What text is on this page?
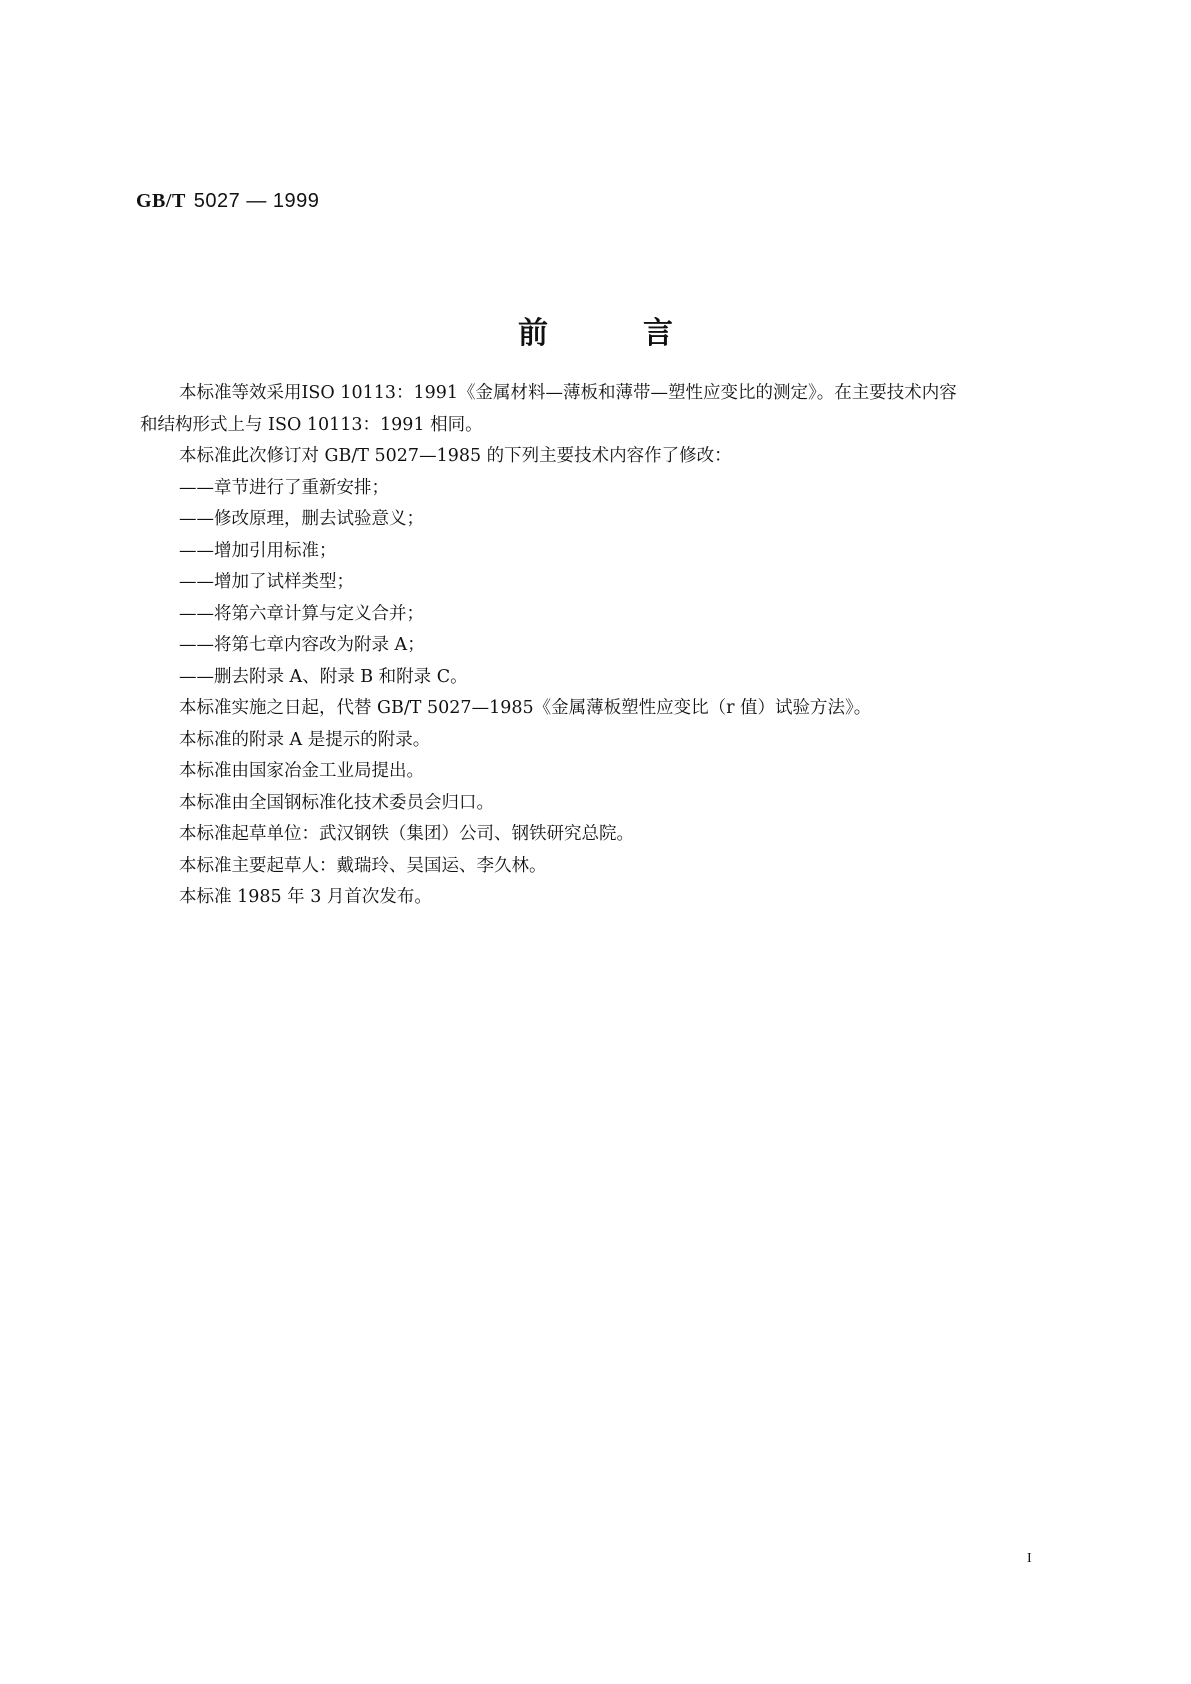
GB/T 5027 — 1999
前言
本标准等效采用ISO 10113：1991《金属材料—薄板和薄带—塑性应变比的测定》。在主要技术内容
和结构形式上与 ISO 10113：1991 相同。
本标准此次修订对 GB/T 5027—1985 的下列主要技术内容作了修改：
——章节进行了重新安排；
——修改原理，删去试验意义；
——增加引用标准；
——增加了试样类型；
——将第六章计算与定义合并；
——将第七章内容改为附录 A；
——删去附录 A、附录 B 和附录 C。
本标准实施之日起，代替 GB/T 5027—1985《金属薄板塑性应变比（r 值）试验方法》。
本标准的附录 A 是提示的附录。
本标准由国家冶金工业局提出。
本标准由全国钢标准化技术委员会归口。
本标准起草单位：武汉钢铁（集团）公司、钢铁研究总院。
本标准主要起草人：戴瑞玲、吴国运、李久林。
本标准 1985 年 3 月首次发布。
I
